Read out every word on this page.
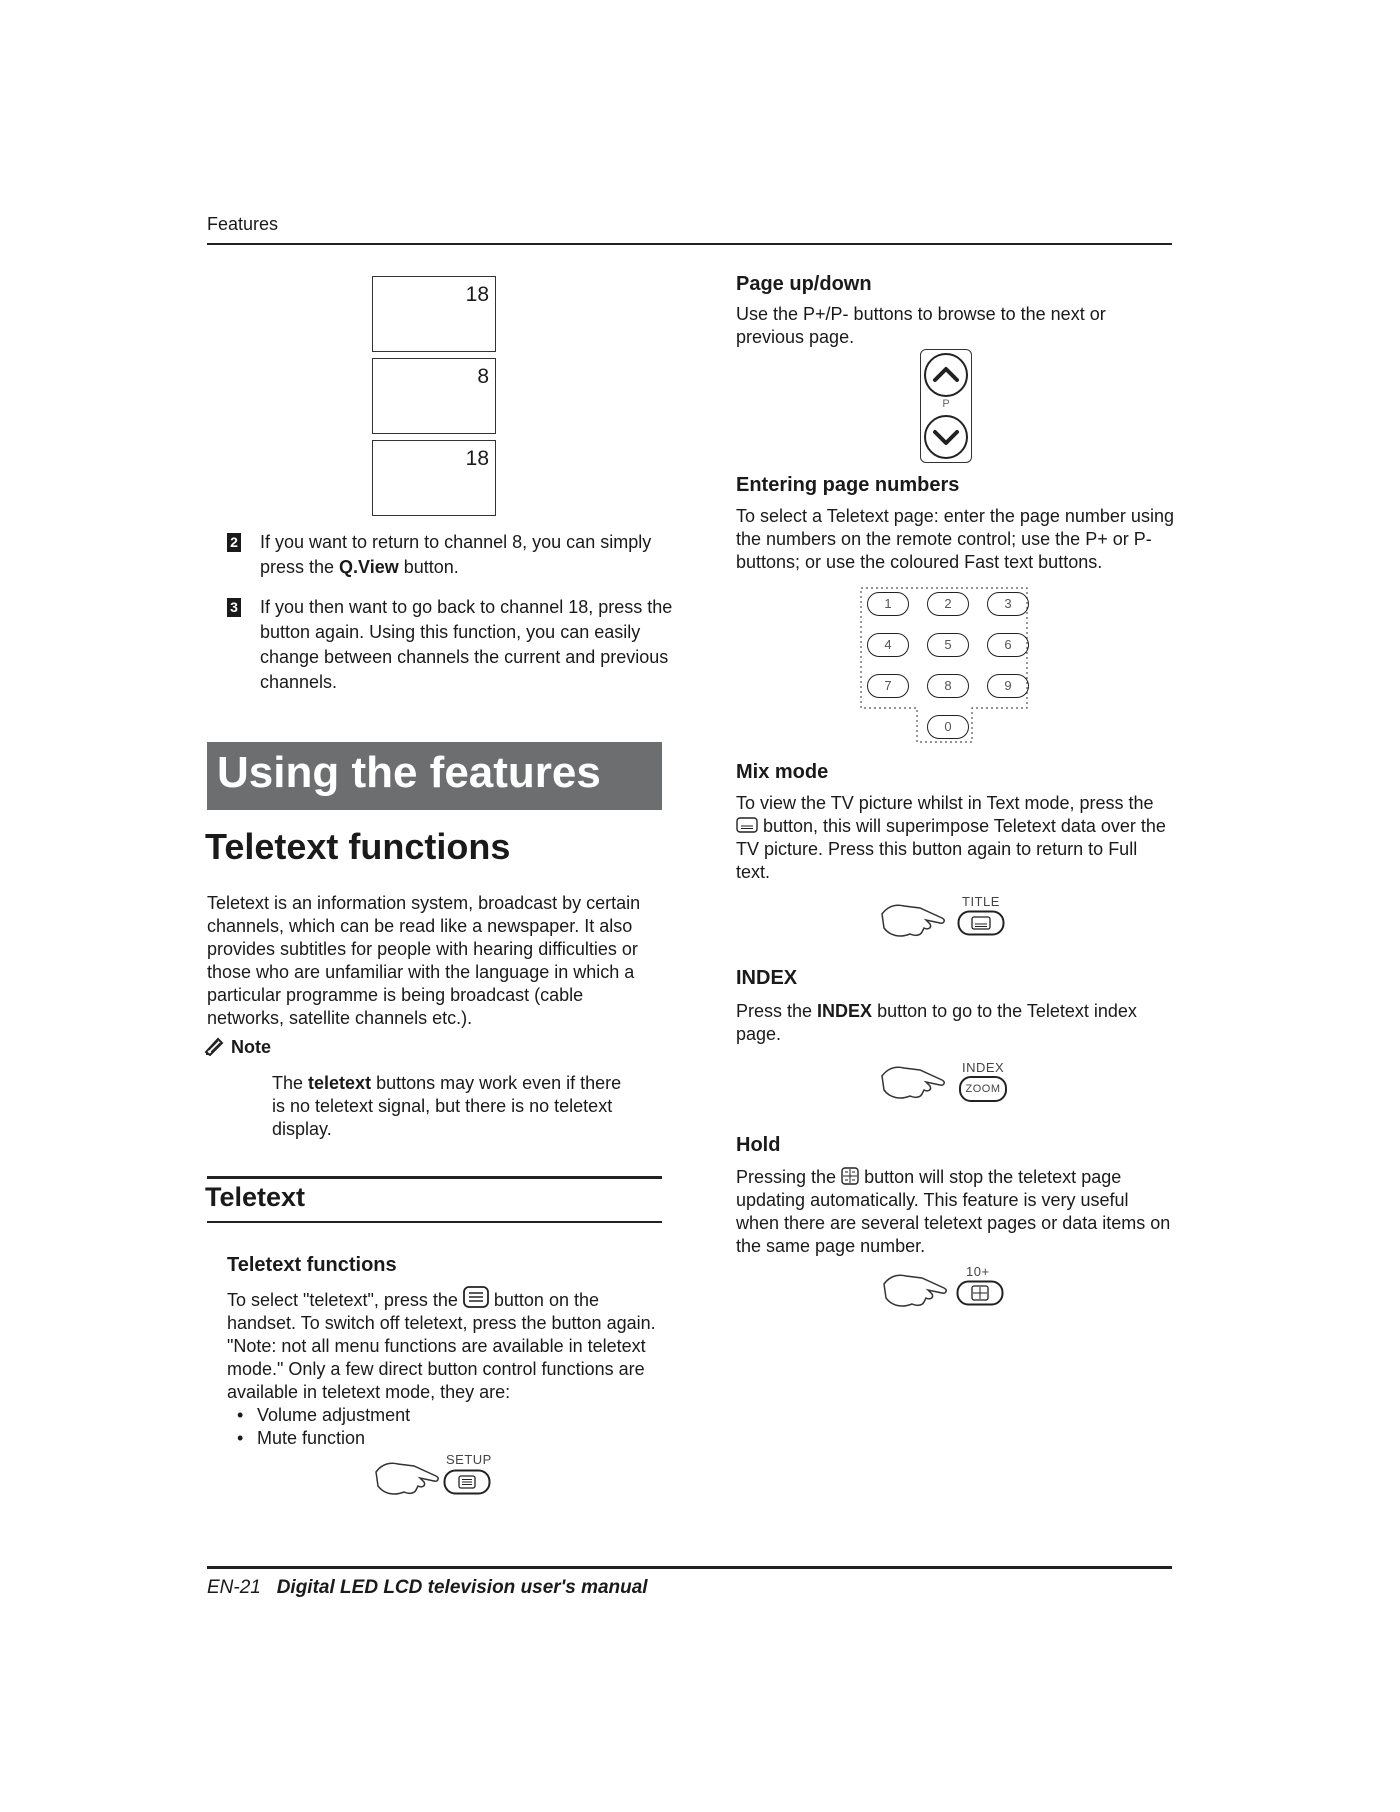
Features
18
8
18
2 If you want to return to channel 8, you can simply press the Q.View button.
3 If you then want to go back to channel 18, press the button again. Using this function, you can easily change between channels the current and previous channels.
Using the features
Teletext functions
Teletext is an information system, broadcast by certain channels, which can be read like a newspaper. It also provides subtitles for people with hearing difficulties or those who are unfamiliar with the language in which a particular programme is being broadcast (cable networks, satellite channels etc.).
Note
The teletext buttons may work even if there is no teletext signal, but there is no teletext display.
Teletext
Teletext functions
To select "teletext", press the  button on the handset. To switch off teletext, press the button again. "Note: not all menu functions are available in teletext mode." Only a few direct button control functions are available in teletext mode, they are:
• Volume adjustment
• Mute function
SETUP
Page up/down
Use the P+/P- buttons to browse to the next or previous page.
P
Entering page numbers
To select a Teletext page: enter the page number using the numbers on the remote control; use the P+ or P- buttons; or use the coloured Fast text buttons.
1	2	3
4	5	6
7	8	9
0
Mix mode
To view the TV picture whilst in Text mode, press the  button, this will superimpose Teletext data over the TV picture. Press this button again to return to Full text.
TITLE
INDEX
Press the INDEX button to go to the Teletext index page.
INDEX
ZOOM
Hold
Pressing the  button will stop the teletext page updating automatically. This feature is very useful when there are several teletext pages or data items on the same page number.
10+
EN-21 Digital LED LCD television user's manual
